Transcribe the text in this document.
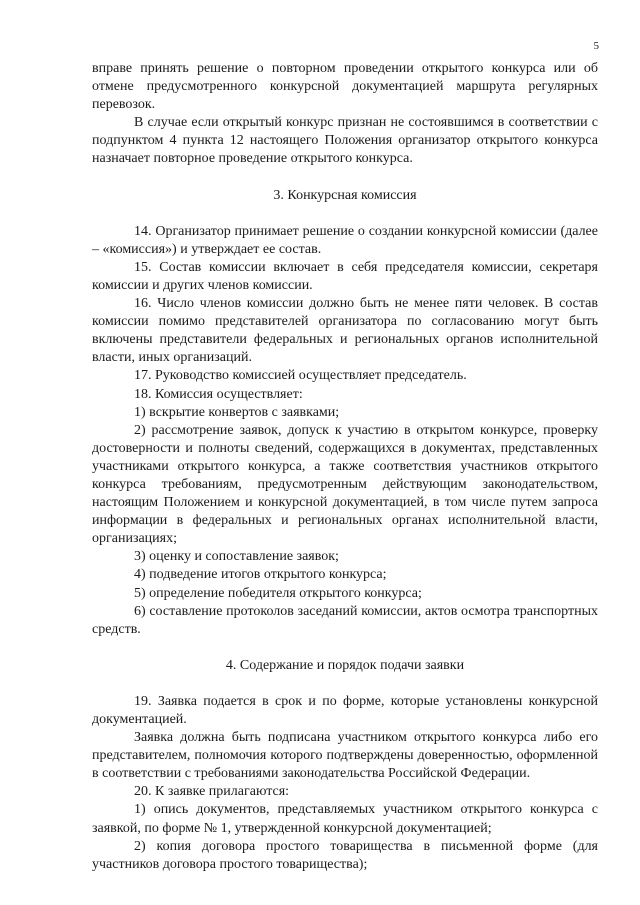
5

вправе принять решение о повторном проведении открытого конкурса или об отмене предусмотренного конкурсной документацией маршрута регулярных перевозок.

В случае если открытый конкурс признан не состоявшимся в соответствии с подпунктом 4 пункта 12 настоящего Положения организатор открытого конкурса назначает повторное проведение открытого конкурса.

3. Конкурсная комиссия

14. Организатор принимает решение о создании конкурсной комиссии (далее – «комиссия») и утверждает ее состав.

15. Состав комиссии включает в себя председателя комиссии, секретаря комиссии и других членов комиссии.

16. Число членов комиссии должно быть не менее пяти человек. В состав комиссии помимо представителей организатора по согласованию могут быть включены представители федеральных и региональных органов исполнительной власти, иных организаций.

17. Руководство комиссией осуществляет председатель.

18. Комиссия осуществляет:

1) вскрытие конвертов с заявками;

2) рассмотрение заявок, допуск к участию в открытом конкурсе, проверку достоверности и полноты сведений, содержащихся в документах, представленных участниками открытого конкурса, а также соответствия участников открытого конкурса требованиям, предусмотренным действующим законодательством, настоящим Положением и конкурсной документацией, в том числе путем запроса информации в федеральных и региональных органах исполнительной власти, организациях;

3) оценку и сопоставление заявок;

4) подведение итогов открытого конкурса;

5) определение победителя открытого конкурса;

6) составление протоколов заседаний комиссии, актов осмотра транспортных средств.

4. Содержание и порядок подачи заявки

19. Заявка подается в срок и по форме, которые установлены конкурсной документацией.

Заявка должна быть подписана участником открытого конкурса либо его представителем, полномочия которого подтверждены доверенностью, оформленной в соответствии с требованиями законодательства Российской Федерации.

20. К заявке прилагаются:

1) опись документов, представляемых участником открытого конкурса с заявкой, по форме № 1, утвержденной конкурсной документацией;

2) копия договора простого товарищества в письменной форме (для участников договора простого товарищества);
